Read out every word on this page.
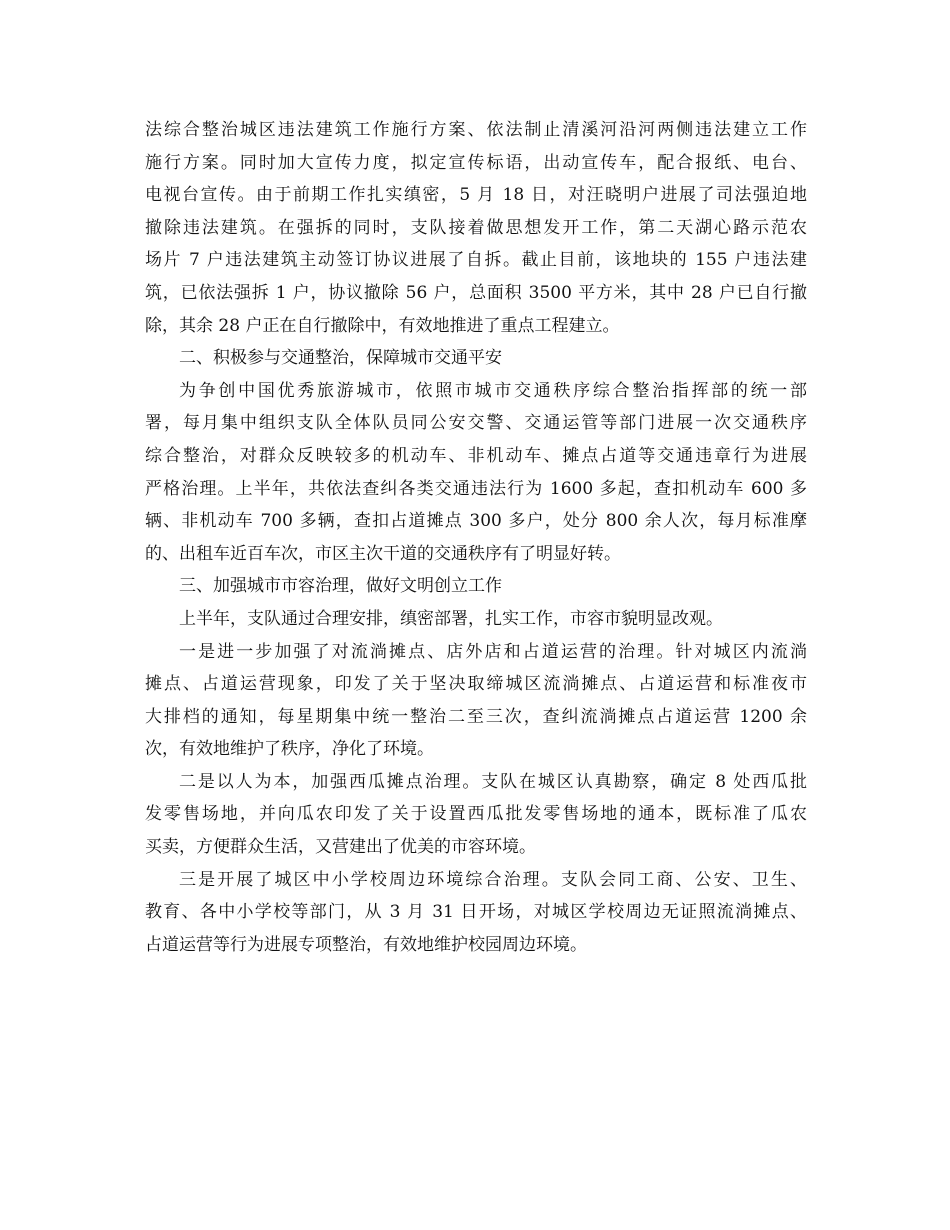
法综合整治城区违法建筑工作施行方案、依法制止清溪河沿河两侧违法建立工作
施行方案。同时加大宣传力度，拟定宣传标语，出动宣传车，配合报纸、电台、
电视台宣传。由于前期工作扎实缜密，5 月 18 日，对汪晓明户进展了司法强迫地
撤除违法建筑。在强拆的同时，支队接着做思想发开工作，第二天湖心路示范农
场片 7 户违法建筑主动签订协议进展了自拆。截止目前，该地块的 155 户违法建
筑，已依法强拆 1 户，协议撤除 56 户，总面积 3500 平方米，其中 28 户已自行撤
除，其余 28 户正在自行撤除中，有效地推进了重点工程建立。
二、积极参与交通整治，保障城市交通平安
为争创中国优秀旅游城市，依照市城市交通秩序综合整治指挥部的统一部
署，每月集中组织支队全体队员同公安交警、交通运管等部门进展一次交通秩序
综合整治，对群众反映较多的机动车、非机动车、摊点占道等交通违章行为进展
严格治理。上半年，共依法查纠各类交通违法行为 1600 多起，查扣机动车 600 多
辆、非机动车 700 多辆，查扣占道摊点 300 多户，处分 800 余人次，每月标准摩
的、出租车近百车次，市区主次干道的交通秩序有了明显好转。
三、加强城市市容治理，做好文明创立工作
上半年，支队通过合理安排，缜密部署，扎实工作，市容市貌明显改观。
一是进一步加强了对流淌摊点、店外店和占道运营的治理。针对城区内流淌
摊点、占道运营现象，印发了关于坚决取缔城区流淌摊点、占道运营和标准夜市
大排档的通知，每星期集中统一整治二至三次，查纠流淌摊点占道运营 1200 余
次，有效地维护了秩序，净化了环境。
二是以人为本，加强西瓜摊点治理。支队在城区认真勘察，确定 8 处西瓜批
发零售场地，并向瓜农印发了关于设置西瓜批发零售场地的通本，既标准了瓜农
买卖，方便群众生活，又营建出了优美的市容环境。
三是开展了城区中小学校周边环境综合治理。支队会同工商、公安、卫生、
教育、各中小学校等部门，从 3 月 31 日开场，对城区学校周边无证照流淌摊点、
占道运营等行为进展专项整治，有效地维护校园周边环境。
